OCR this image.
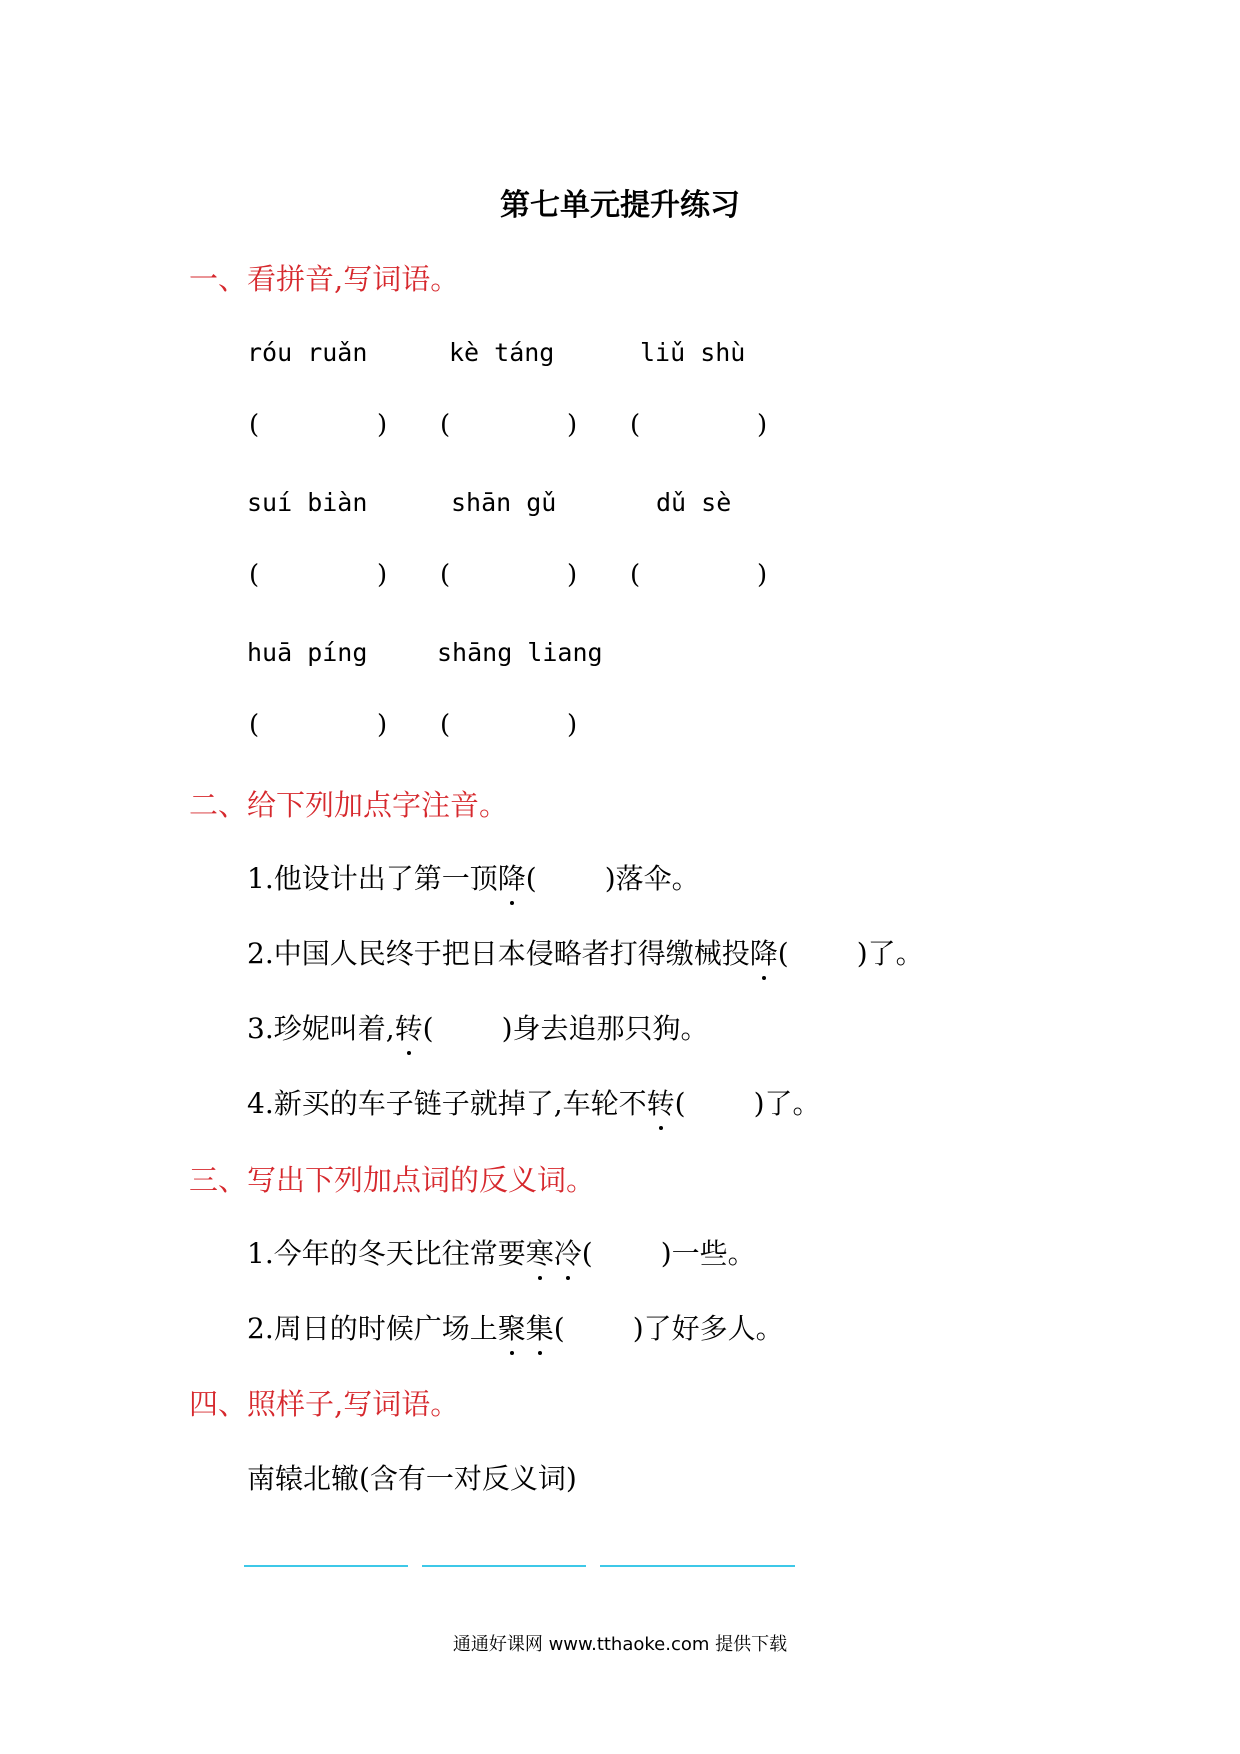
第七单元提升练习
一、看拼音,写词语。
róu ruǎn	kè táng	liǔ shù
(	) (	) (	)
suí biàn	shān gǔ	dǔ sè
(	) (	) (	)
huā píng	shāng liang
(	) (	)
二、给下列加点字注音。
1.他设计出了第一顶降( )落伞。
2.中国人民终于把日本侵略者打得缴械投降( )了。
3.珍妮叫着,转( )身去追那只狗。
4.新买的车子链子就掉了,车轮不转( )了。
三、写出下列加点词的反义词。
1.今年的冬天比往常要寒冷( )一些。
2.周日的时候广场上聚集( )了好多人。
四、照样子,写词语。
南辕北辙(含有一对反义词)
通通好课网 www.tthaoke.com 提供下载
